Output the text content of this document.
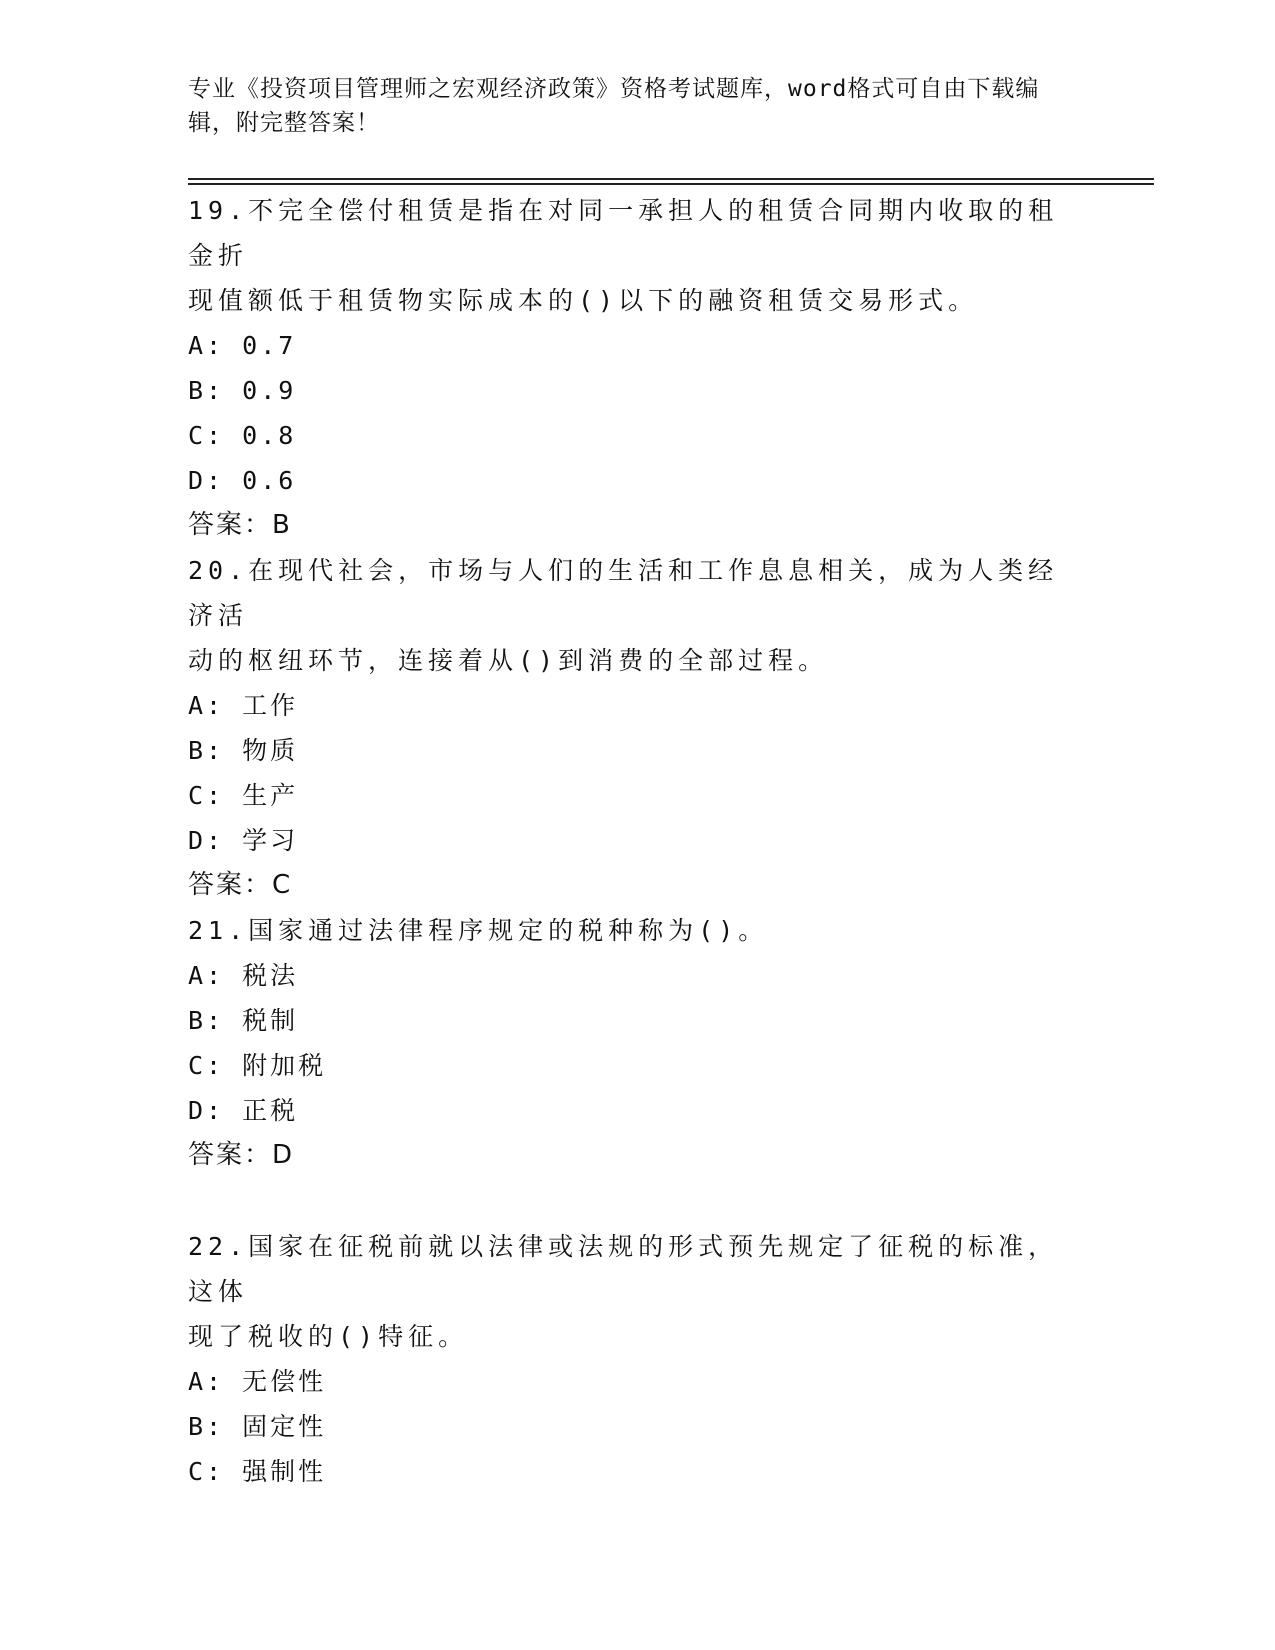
专业《投资项目管理师之宏观经济政策》资格考试题库，word格式可自由下载编
辑，附完整答案！
19.不完全偿付租赁是指在对同一承担人的租赁合同期内收取的租金折
现值额低于租赁物实际成本的()以下的融资租赁交易形式。
A: 0.7
B: 0.9
C: 0.8
D: 0.6
答案：B
20.在现代社会，市场与人们的生活和工作息息相关，成为人类经济活
动的枢纽环节，连接着从()到消费的全部过程。
A: 工作
B: 物质
C: 生产
D: 学习
答案：C
21.国家通过法律程序规定的税种称为()。
A: 税法
B: 税制
C: 附加税
D: 正税
答案：D
22.国家在征税前就以法律或法规的形式预先规定了征税的标准，这体
现了税收的()特征。
A: 无偿性
B: 固定性
C: 强制性
